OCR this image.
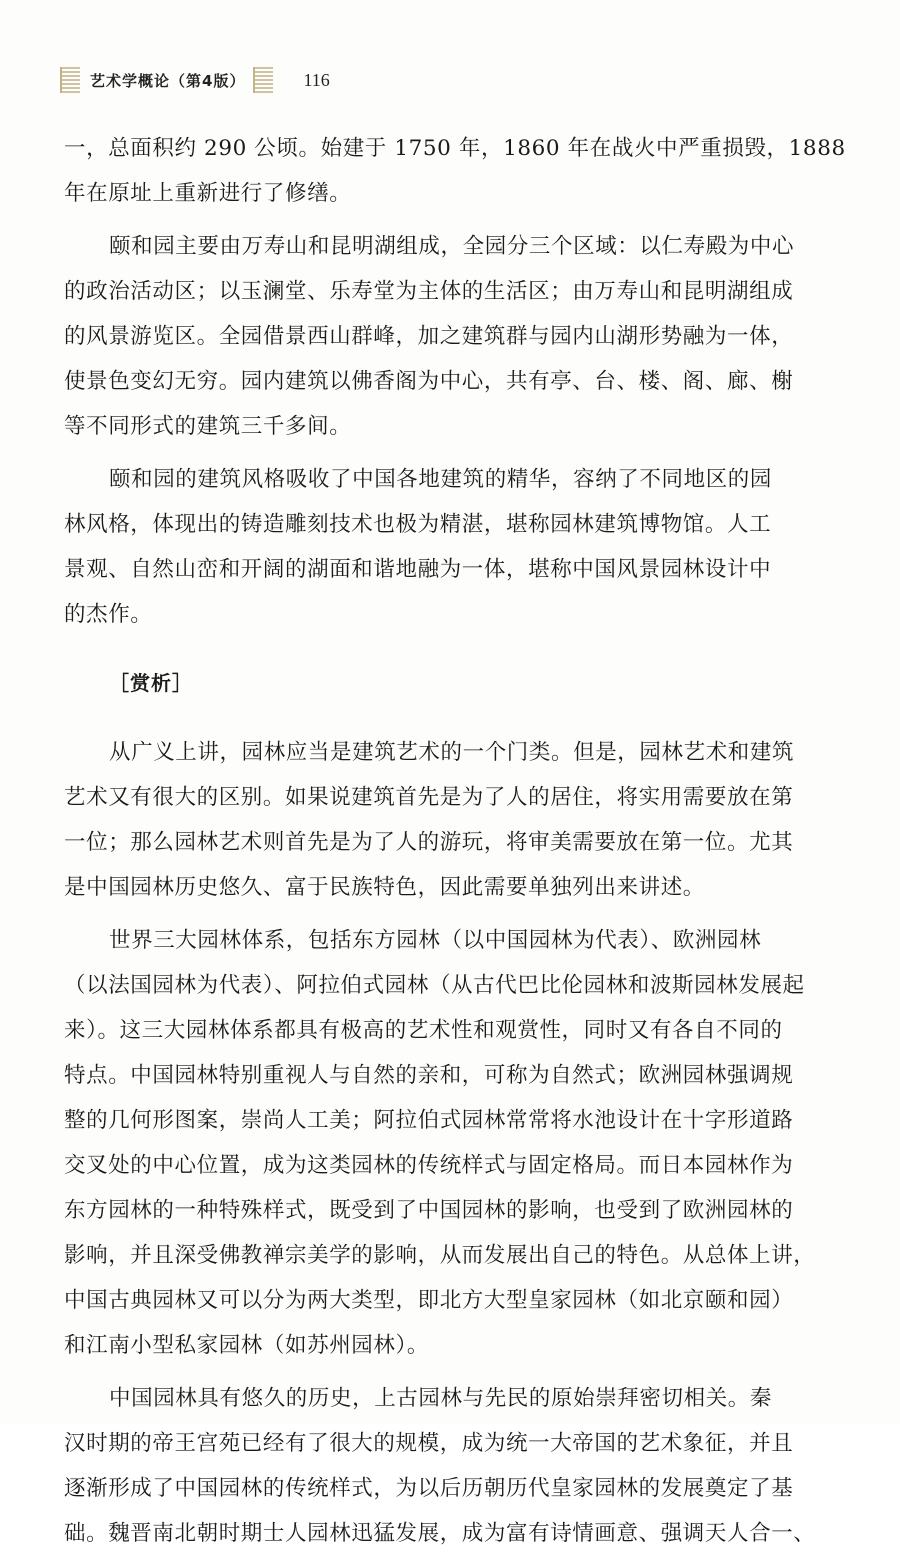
艺术学概论（第4版）	116
一，总面积约 290 公顷。始建于 1750 年，1860 年在战火中严重损毁，1888
年在原址上重新进行了修缮。
颐和园主要由万寿山和昆明湖组成，全园分三个区域：以仁寿殿为中心
的政治活动区；以玉澜堂、乐寿堂为主体的生活区；由万寿山和昆明湖组成
的风景游览区。全园借景西山群峰，加之建筑群与园内山湖形势融为一体，
使景色变幻无穷。园内建筑以佛香阁为中心，共有亭、台、楼、阁、廊、榭
等不同形式的建筑三千多间。
颐和园的建筑风格吸收了中国各地建筑的精华，容纳了不同地区的园
林风格，体现出的铸造雕刻技术也极为精湛，堪称园林建筑博物馆。人工
景观、自然山峦和开阔的湖面和谐地融为一体，堪称中国风景园林设计中
的杰作。
［赏析］
从广义上讲，园林应当是建筑艺术的一个门类。但是，园林艺术和建筑
艺术又有很大的区别。如果说建筑首先是为了人的居住，将实用需要放在第
一位；那么园林艺术则首先是为了人的游玩，将审美需要放在第一位。尤其
是中国园林历史悠久、富于民族特色，因此需要单独列出来讲述。
世界三大园林体系，包括东方园林（以中国园林为代表）、欧洲园林
（以法国园林为代表）、阿拉伯式园林（从古代巴比伦园林和波斯园林发展起
来）。这三大园林体系都具有极高的艺术性和观赏性，同时又有各自不同的
特点。中国园林特别重视人与自然的亲和，可称为自然式；欧洲园林强调规
整的几何形图案，崇尚人工美；阿拉伯式园林常常将水池设计在十字形道路
交叉处的中心位置，成为这类园林的传统样式与固定格局。而日本园林作为
东方园林的一种特殊样式，既受到了中国园林的影响，也受到了欧洲园林的
影响，并且深受佛教禅宗美学的影响，从而发展出自己的特色。从总体上讲，
中国古典园林又可以分为两大类型，即北方大型皇家园林（如北京颐和园）
和江南小型私家园林（如苏州园林）。
中国园林具有悠久的历史，上古园林与先民的原始崇拜密切相关。秦
汉时期的帝王宫苑已经有了很大的规模，成为统一大帝国的艺术象征，并且
逐渐形成了中国园林的传统样式，为以后历朝历代皇家园林的发展奠定了基
础。魏晋南北朝时期士人园林迅猛发展，成为富有诗情画意、强调天人合一、
